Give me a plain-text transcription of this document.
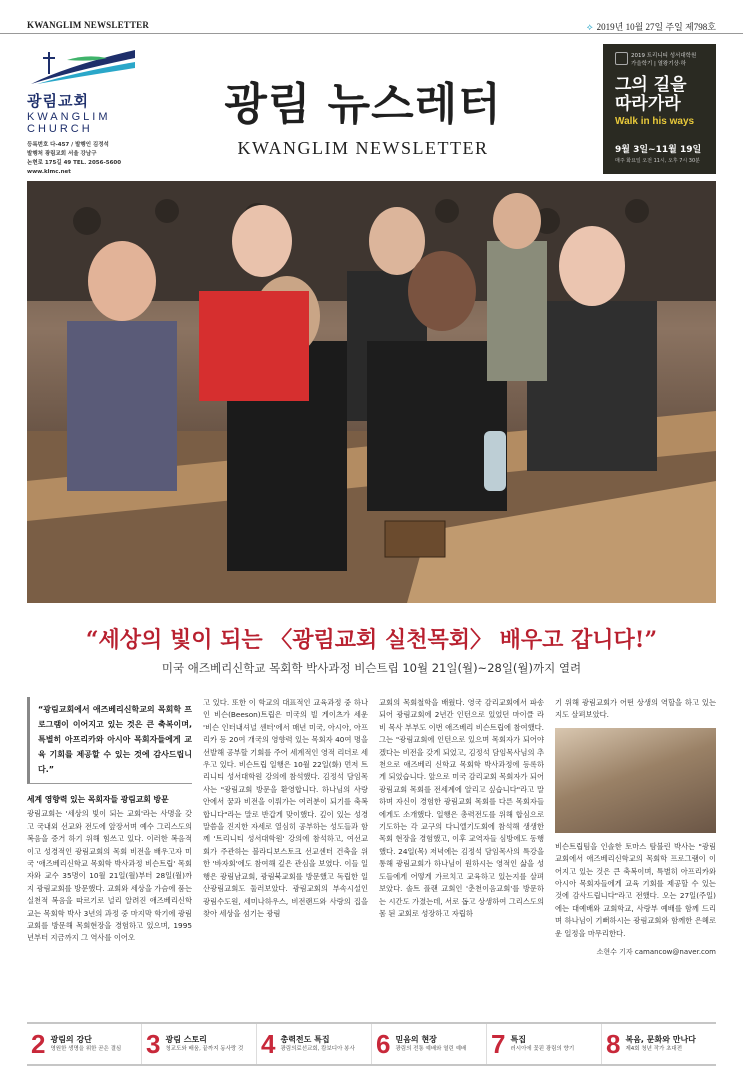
KWANGLIM NEWSLETTER	⟡ 2019년 10월 27일 주일 제798호
광림교회
KWANGLIM
CHURCH
등록번호 다-457 / 발행인 김정석
발행처 광림교회 서울 강남구
논현로 175길 49 TEL. 2056-5600
www.klmc.net
광림 뉴스레터
KWANGLIM NEWSLETTER
2019 트리니티 성서대학원
가을학기 | 열왕기상·하
그의 길을
따라가라
Walk in his ways
9월 3일~11월 19일
매주 화요일 오전 11시, 오후 7시 30분
“세상의 빛이 되는 〈광림교회 실천목회〉 배우고 갑니다!”
미국 애즈베리신학교 목회학 박사과정 비슨트립 10월 21일(월)~28일(월)까지 열려
“광림교회에서 애즈베리신학교의 목회학 프로그램이 이어지고 있는 것은 큰 축복이며, 특별히 아프리카와 아시아 목회자들에게 교육 기회를 제공할 수 있는 것에 감사드립니다.”
세계 영향력 있는 목회자들 광림교회 방문

광림교회는 '세상의 빛이 되는 교회'라는 사명을 갖고 국내외 선교와 전도에 앞장서며 예수 그리스도의 복음을 증거 하기 위해 힘쓰고 있다. 이러한 복음적이고 성경적인 광림교회의 목회 비전을 배우고자 미국 '애즈베리신학교 목회학 박사과정 비슨트립' 목회자와 교수 35명이 10월 21일(월)부터 28일(월)까지 광림교회를 방문했다. 교회와 세상을 가슴에 품는 실천적 복음을 따르기로 널리 알려진 애즈베리신학교는 목회학 박사 3년의 과정 중 마지막 학기에 광림교회를 방문해 목회현장을 경험하고 있으며, 1995년부터 지금까지 그 역사를 이어오

고 있다. 또한 이 학교의 대표적인 교육과정 중 하나인 비슨(Beeson)트립은 미국의 빌 게이츠가 세운 '비슨 인터내셔널 센터'에서 매년 미국, 아시아, 아프리카 등 20여 개국의 영향력 있는 목회자 40여 명을 선발해 공부할 기회를 주어 세계적인 영적 리더로 세우고 있다. 비슨트립 일행은 10월 22일(화) 먼저 트리니티 성서대학원 강의에 참석했다. 김정석 담임목사는 "광림교회 방문을 환영합니다. 하나님의 사랑 안에서 꿈과 비전을 이뤄가는 여러분이 되기를 축복합니다"라는 말로 반갑게 맞이했다. 깊이 있는 성경 말씀을 진지한 자세로 열심히 공부하는 성도들과 함께 '트리니티 성서대학원' 강의에 참석하고, 여선교회가 주관하는 블라디보스토크 선교센터 건축을 위한 '바자회'에도 참여해 깊은 관심을 보였다. 이들 일행은 광림남교회, 광림북교회를 방문했고 독립한 일산광림교회도 둘러보았다. 광림교회의 부속시설인 광림수도원, 세미나하우스, 비전랜드와 사랑의 집을 찾아 세상을 섬기는 광림

교회의 목회철학을 배웠다. 영국 감리교회에서 파송되어 광림교회에 2년간 인턴으로 있었던 마이클 라비 목사 부부도 이번 애즈베리 비슨트립에 참여했다. 그는 "광림교회에 인턴으로 있으며 목회자가 되어야겠다는 비전을 갖게 되었고, 김정석 담임목사님의 추천으로 애즈베리 신학교 목회학 박사과정에 등록하게 되었습니다. 앞으로 미국 감리교회 목회자가 되어 광림교회 목회를 전세계에 알리고 싶습니다"라고 말하며 자신이 경험한 광림교회 목회를 다른 목회자들에게도 소개했다. 일행은 총력전도를 위해 합심으로 기도하는 각 교구의 다니엘기도회에 참석해 생생한 목회 현장을 경험했고, 이후 교역자들 심방에도 동행했다. 24일(목) 저녁에는 김정석 담임목사의 특강을 통해 광림교회가 하나님이 원하시는 영적인 삶을 성도들에게 어떻게 가르치고 교육하고 있는지를 살펴보았다. 솔트 플랜 교회인 '춘천이음교회'를 방문하는 시간도 가졌는데, 서로 돕고 상생하여 그리스도의 몸 된 교회로 성장하고 자립하

기 위해 광림교회가 어떤 상생의 역할을 하고 있는지도 살펴보았다.

비슨트립팀을 인솔한 토마스 탐블린 박사는 "광림교회에서 애즈베리신학교의 목회학 프로그램이 이어지고 있는 것은 큰 축복이며, 특별히 아프리카와 아시아 목회자들에게 교육 기회를 제공할 수 있는 것에 감사드립니다"라고 전했다. 오는 27일(주일)에는 대예배와 교회학교, 사랑부 예배를 함께 드리며 하나님이 기뻐하시는 광림교회와 함께한 은혜로운 일정을 마무리한다.

소현수 기자 camancow@naver.com
2 광림의 강단
영원한 생명을 위한 곧은 결심 3 광림 스토리
청교도와 배움, 끝까지 동사랑 것 4 총력전도 특집
광림의료선교회, 캄보디아 봉사 6 믿음의 현장
광림의 전통 예배와 열린 예배 7 특집
러시아에 꽃핀 광림의 향기 8 복음, 문화와 만나다
제4회 청년 작가 초대전
